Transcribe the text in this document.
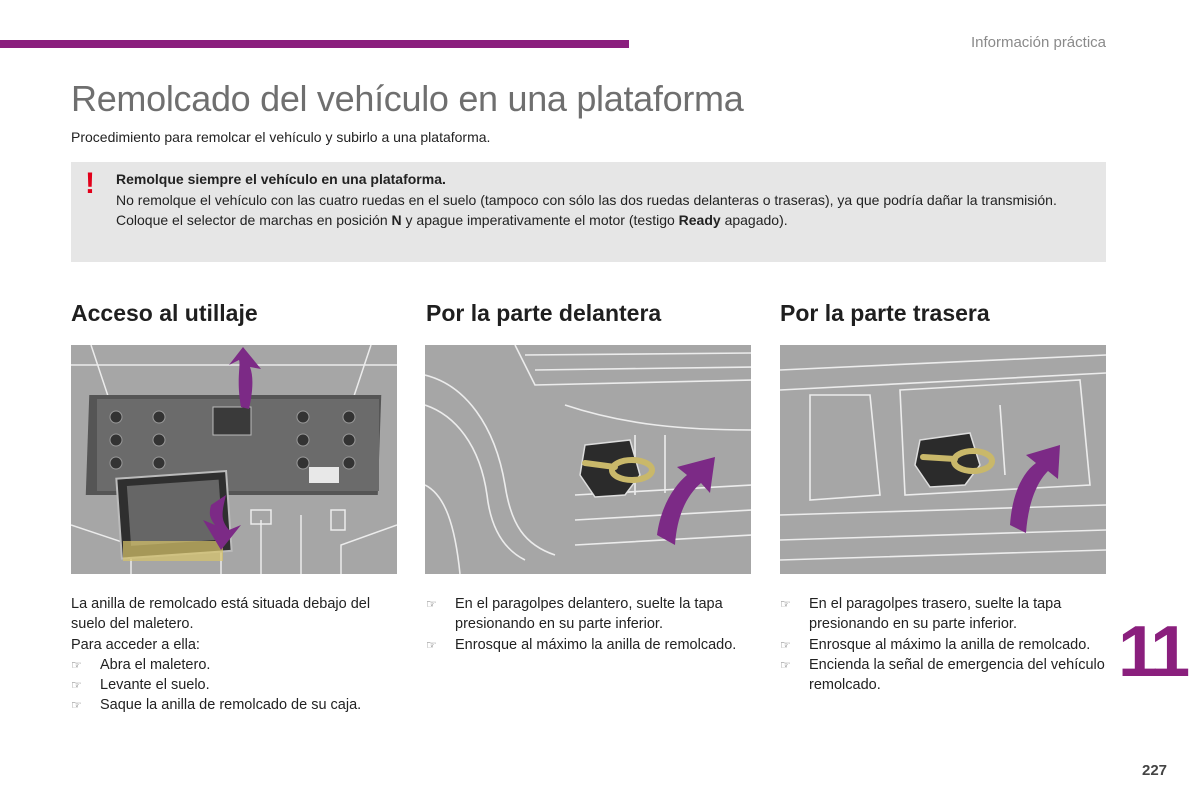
Información práctica
Remolcado del vehículo en una plataforma
Procedimiento para remolcar el vehículo y subirlo a una plataforma.
! Remolque siempre el vehículo en una plataforma.
No remolque el vehículo con las cuatro ruedas en el suelo (tampoco con sólo las dos ruedas delanteras o traseras), ya que podría dañar la transmisión.
Coloque el selector de marchas en posición N y apague imperativamente el motor (testigo Ready apagado).
Acceso al utillaje

La anilla de remolcado está situada debajo del suelo del maletero.

Para acceder a ella:

☞ Abra el maletero.
☞ Levante el suelo.
☞ Saque la anilla de remolcado de su caja.
Por la parte delantera
☞ En el paragolpes delantero, suelte la tapa presionando en su parte inferior.
☞ Enrosque al máximo la anilla de remolcado.
Por la parte trasera
☞ En el paragolpes trasero, suelte la tapa presionando en su parte inferior.
☞ Enrosque al máximo la anilla de remolcado.
☞ Encienda la señal de emergencia del vehículo remolcado.	11
227
